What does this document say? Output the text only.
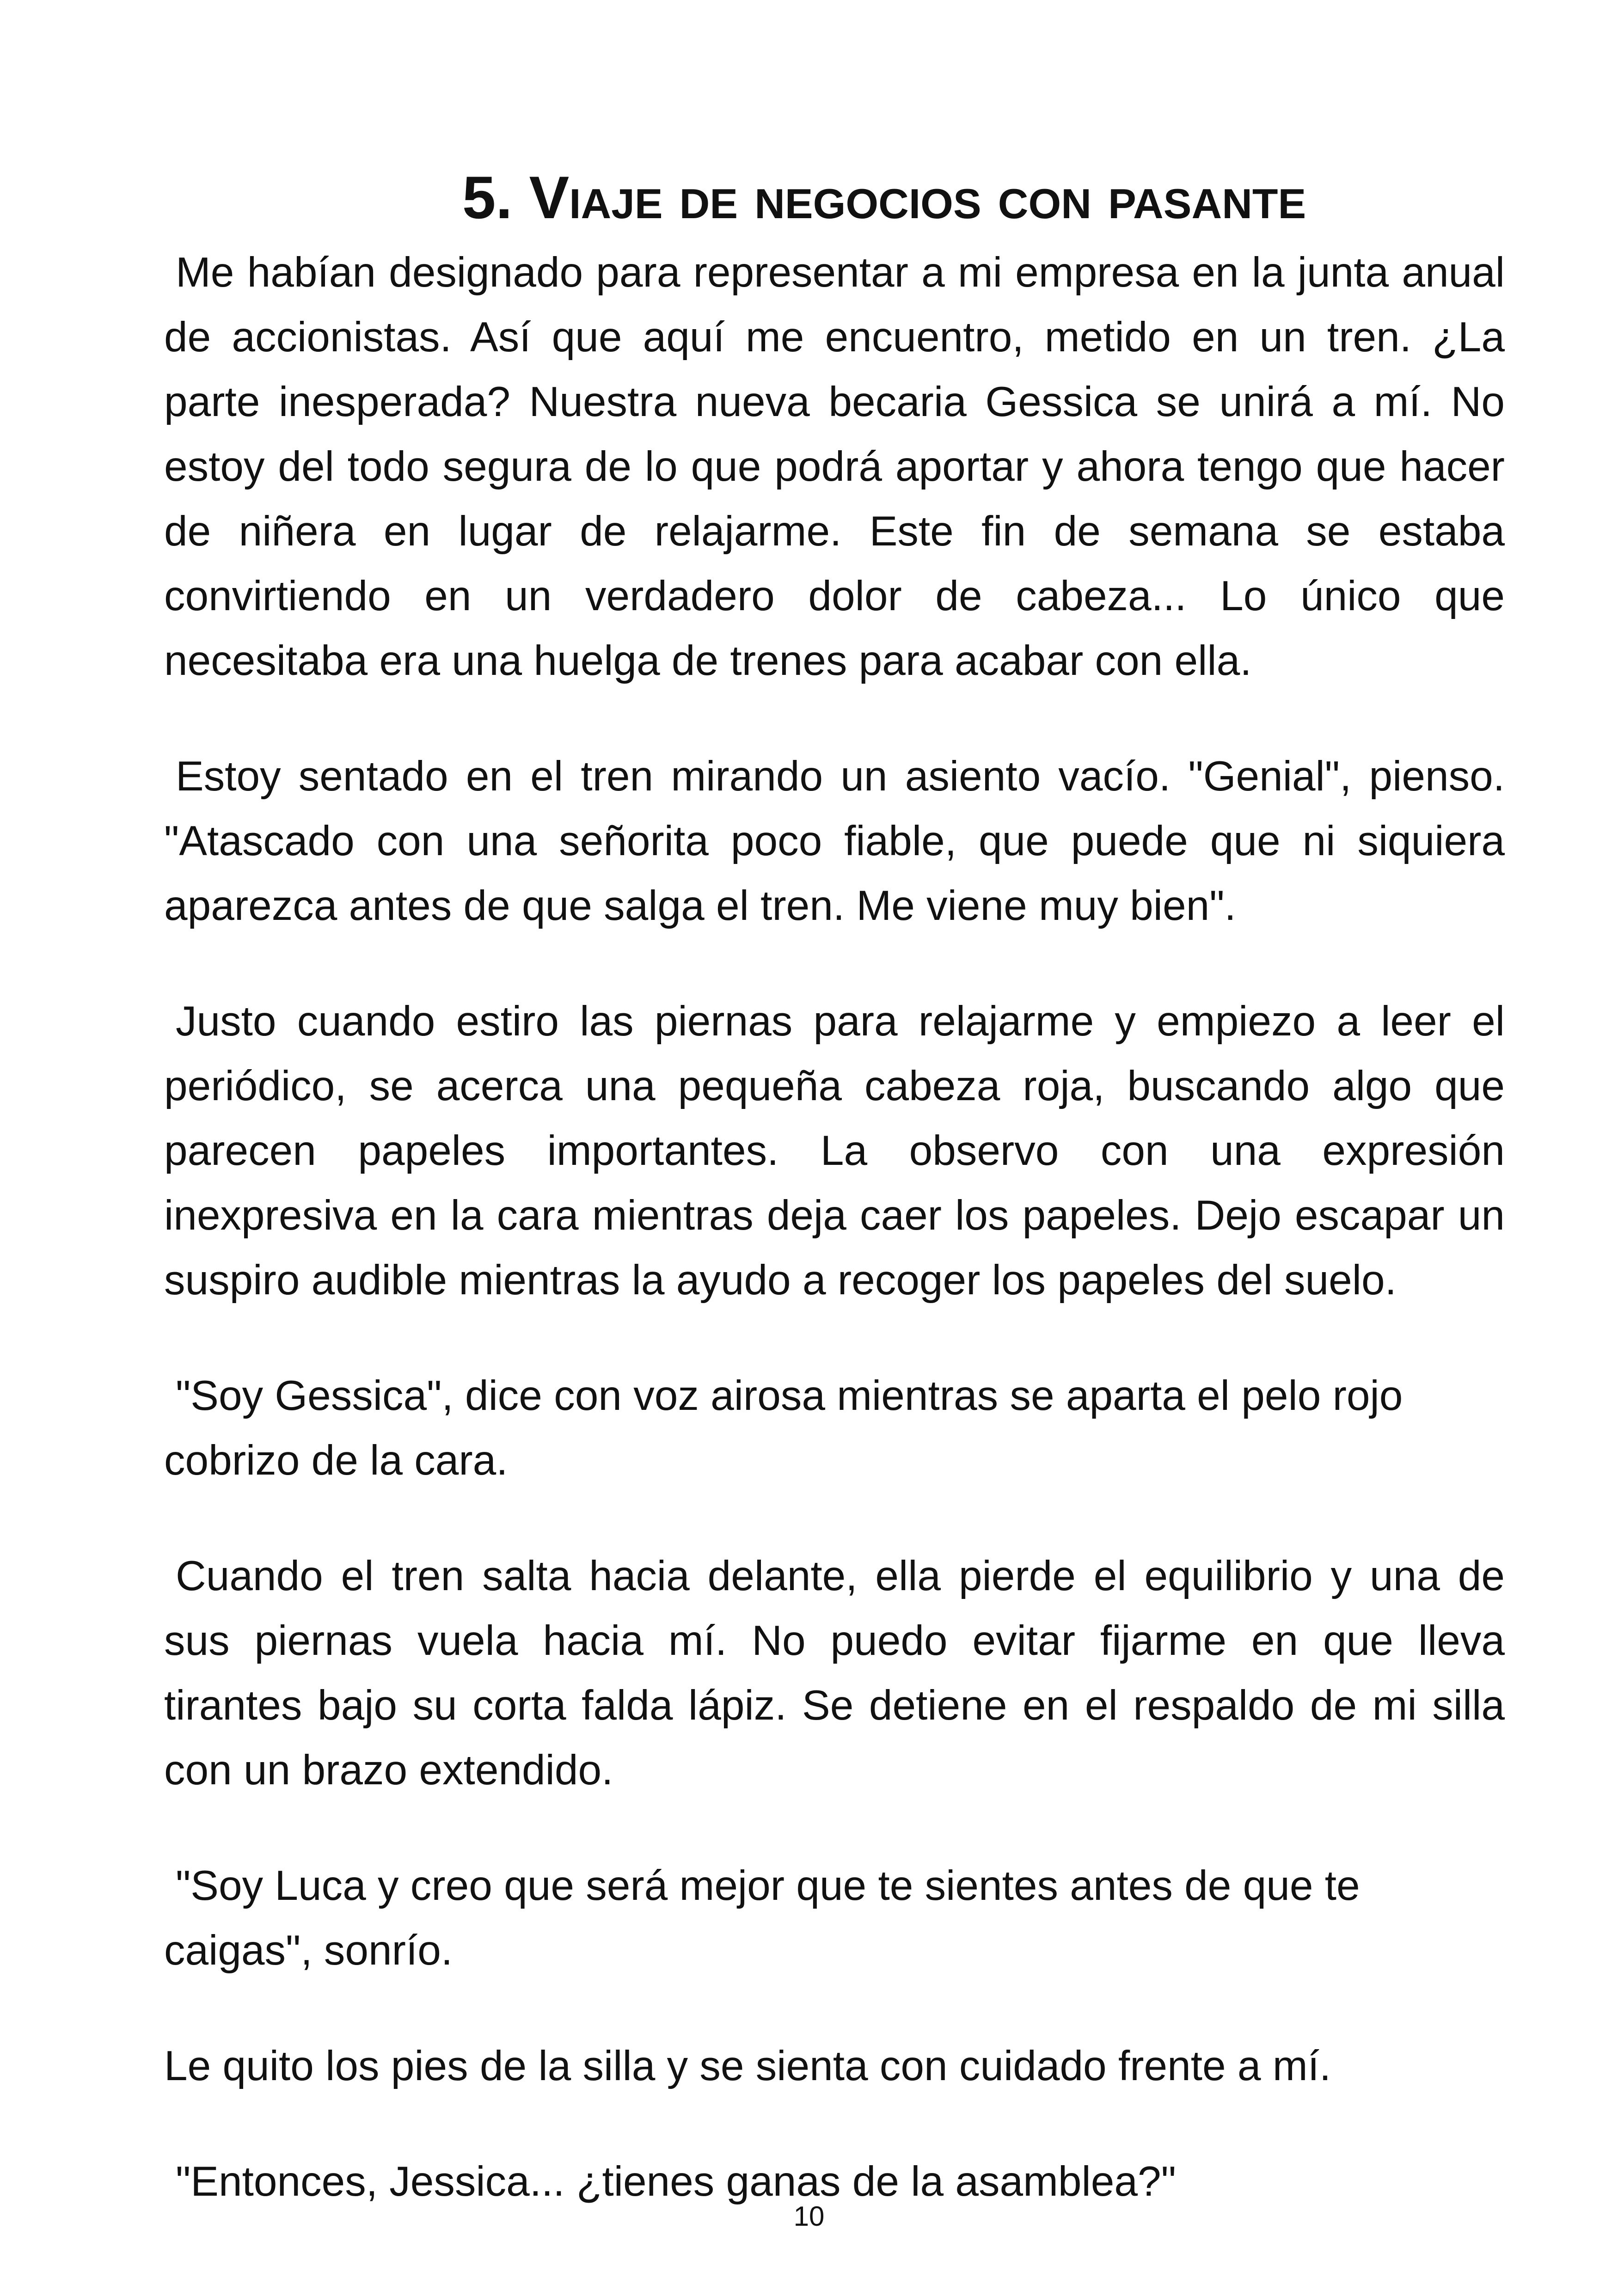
5. Viaje de negocios con pasante

Me habían designado para representar a mi empresa en la junta anual de accionistas. Así que aquí me encuentro, metido en un tren. ¿La parte inesperada? Nuestra nueva becaria Gessica se unirá a mí. No estoy del todo segura de lo que podrá aportar y ahora tengo que hacer de niñera en lugar de relajarme. Este fin de semana se estaba convirtiendo en un verdadero dolor de cabeza... Lo único que necesitaba era una huelga de trenes para acabar con ella.

Estoy sentado en el tren mirando un asiento vacío. "Genial", pienso. "Atascado con una señorita poco fiable, que puede que ni siquiera aparezca antes de que salga el tren. Me viene muy bien".

Justo cuando estiro las piernas para relajarme y empiezo a leer el periódico, se acerca una pequeña cabeza roja, buscando algo que parecen papeles importantes. La observo con una expresión inexpresiva en la cara mientras deja caer los papeles. Dejo escapar un suspiro audible mientras la ayudo a recoger los papeles del suelo.

"Soy Gessica", dice con voz airosa mientras se aparta el pelo rojo cobrizo de la cara.

Cuando el tren salta hacia delante, ella pierde el equilibrio y una de sus piernas vuela hacia mí. No puedo evitar fijarme en que lleva tirantes bajo su corta falda lápiz. Se detiene en el respaldo de mi silla con un brazo extendido.

"Soy Luca y creo que será mejor que te sientes antes de que te caigas", sonrío.

Le quito los pies de la silla y se sienta con cuidado frente a mí.

"Entonces, Jessica... ¿tienes ganas de la asamblea?"

10
